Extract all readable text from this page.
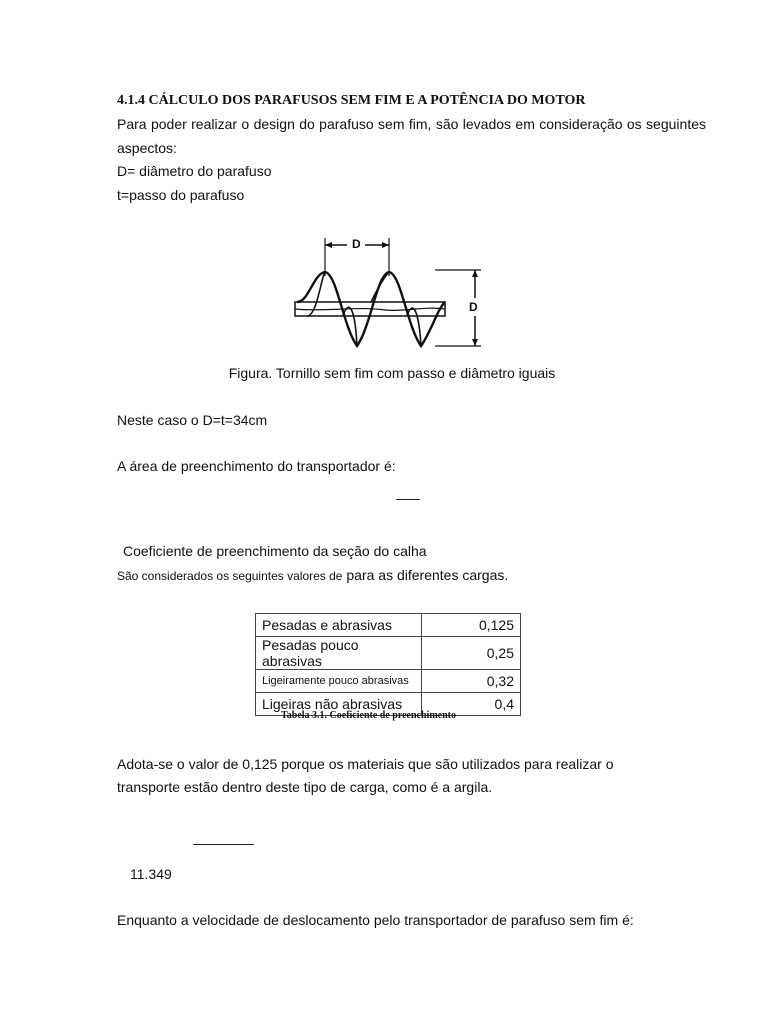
4.1.4 CÁLCULO DOS PARAFUSOS SEM FIM E A POTÊNCIA DO MOTOR
Para poder realizar o design do parafuso sem fim, são levados em consideração os seguintes
aspectos:
D= diâmetro do parafuso
t=passo do parafuso
D
D
Figura. Tornillo sem fim com passo e diâmetro iguais
Neste caso o D=t=34cm
A área de preenchimento do transportador é:
Coeficiente de preenchimento da seção do calha
São considerados os seguintes valores de para as diferentes cargas.
Pesadas e abrasivas	0,125
Pesadas pouco abrasivas	0,25
Ligeiramente pouco abrasivas	0,32
Ligeiras não abrasivas	0,4
Tabela 3.1. Coeficiente de preenchimento
Adota-se o valor de 0,125 porque os materiais que são utilizados para realizar o
transporte estão dentro deste tipo de carga, como é a argila.
11.349
Enquanto a velocidade de deslocamento pelo transportador de parafuso sem fim é:
